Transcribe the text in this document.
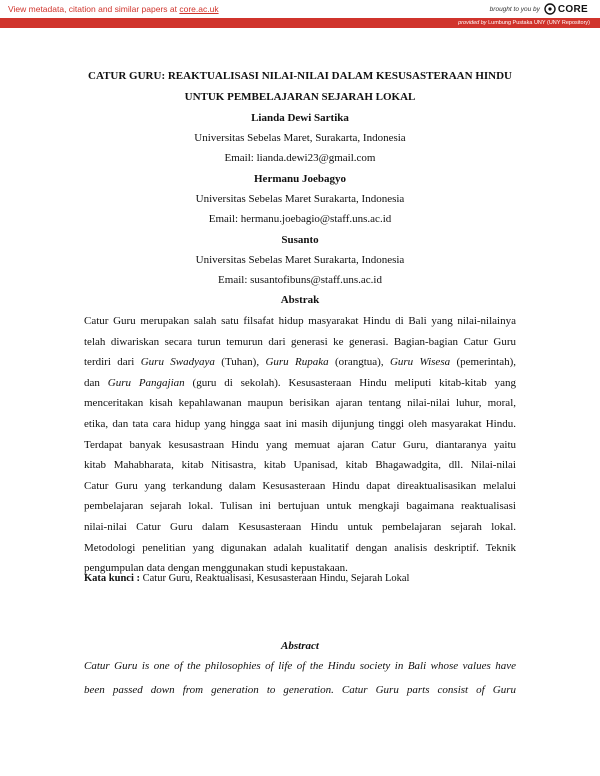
View metadata, citation and similar papers at core.ac.uk	brought to you by CORE
provided by Lumbung Pustaka UNY (UNY Repository)
CATUR GURU: REAKTUALISASI NILAI-NILAI DALAM KESUSASTERAAN HINDU
UNTUK PEMBELAJARAN SEJARAH LOKAL
Lianda Dewi Sartika
Universitas Sebelas Maret, Surakarta, Indonesia
Email: lianda.dewi23@gmail.com
Hermanu Joebagyo
Universitas Sebelas Maret Surakarta, Indonesia
Email: hermanu.joebagio@staff.uns.ac.id
Susanto
Universitas Sebelas Maret Surakarta, Indonesia
Email: susantofibuns@staff.uns.ac.id
Abstrak
Catur Guru merupakan salah satu filsafat hidup masyarakat Hindu di Bali yang nilai-nilainya
telah diwariskan secara turun temurun dari generasi ke generasi. Bagian-bagian Catur Guru
terdiri dari Guru Swadyaya (Tuhan), Guru Rupaka (orangtua), Guru Wisesa (pemerintah),
dan Guru Pangajian (guru di sekolah). Kesusasteraan Hindu meliputi kitab-kitab yang
menceritakan kisah kepahlawanan maupun berisikan ajaran tentang nilai-nilai luhur, moral,
etika, dan tata cara hidup yang hingga saat ini masih dijunjung tinggi oleh masyarakat Hindu.
Terdapat banyak kesusastraan Hindu yang memuat ajaran Catur Guru, diantaranya yaitu
kitab Mahabharata, kitab Nitisastra, kitab Upanisad, kitab Bhagawadgita, dll. Nilai-nilai
Catur Guru yang terkandung dalam Kesusasteraan Hindu dapat direaktualisasikan melalui
pembelajaran sejarah lokal. Tulisan ini bertujuan untuk mengkaji bagaimana reaktualisasi
nilai-nilai Catur Guru dalam Kesusasteraan Hindu untuk pembelajaran sejarah lokal.
Metodologi penelitian yang digunakan adalah kualitatif dengan analisis deskriptif. Teknik
pengumpulan data dengan menggunakan studi kepustakaan.
Kata kunci : Catur Guru, Reaktualisasi, Kesusasteraan Hindu, Sejarah Lokal
Abstract
Catur Guru is one of the philosophies of life of the Hindu society in Bali whose values have
been passed down from generation to generation. Catur Guru parts consist of Guru
